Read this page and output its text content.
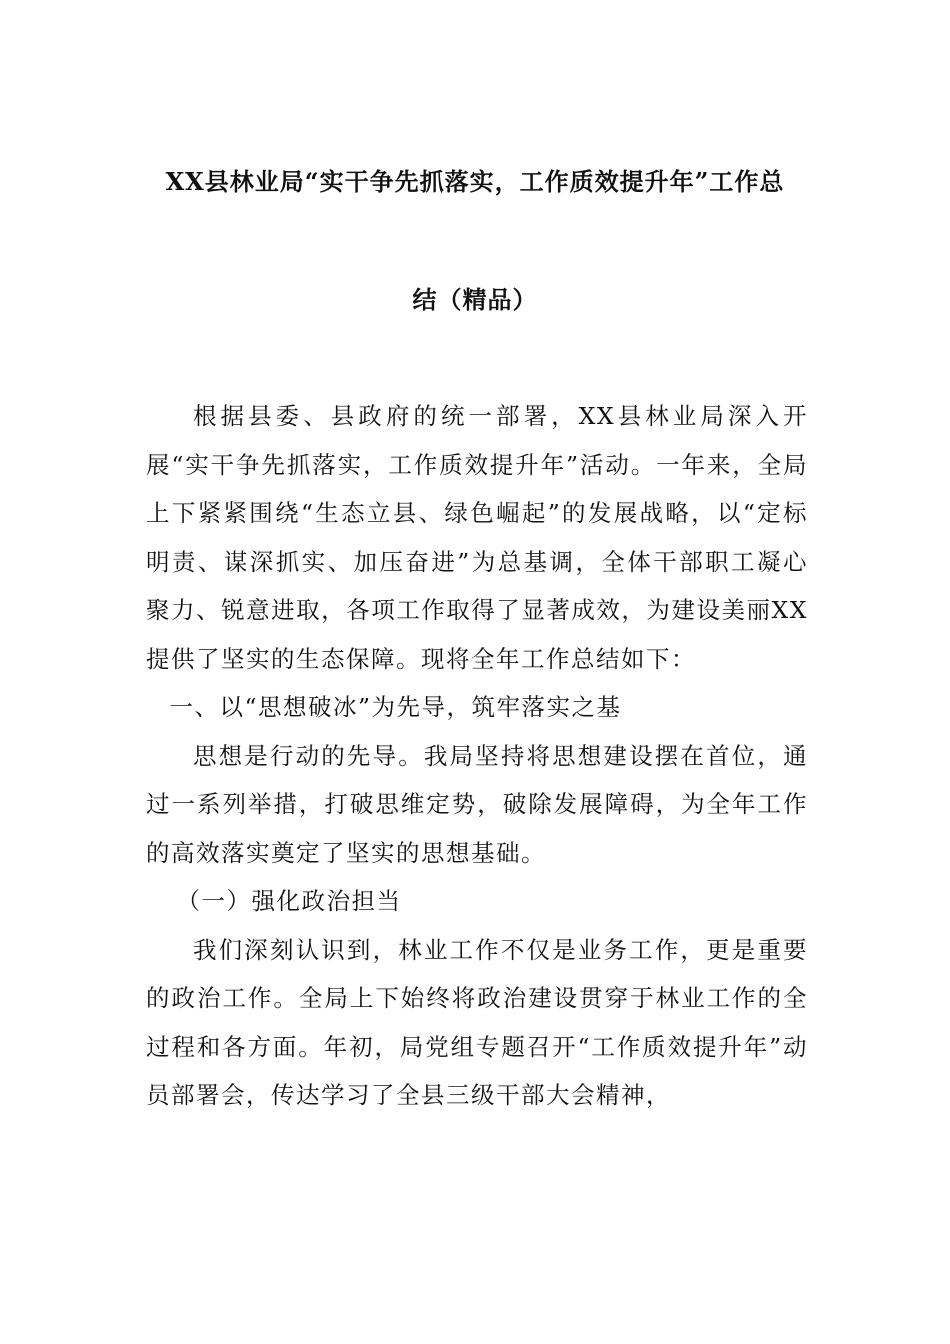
XX县林业局“实干争先抓落实，工作质效提升年”工作总
结（精品）

根据县委、县政府的统一部署，XX县林业局深入开展“实干争先抓落实，工作质效提升年”活动。一年来，全局上下紧紧围绕“生态立县、绿色崛起”的发展战略，以“定标明责、谋深抓实、加压奋进”为总基调，全体干部职工凝心聚力、锐意进取，各项工作取得了显著成效，为建设美丽XX提供了坚实的生态保障。现将全年工作总结如下：

一、以“思想破冰”为先导，筑牢落实之基

思想是行动的先导。我局坚持将思想建设摆在首位，通过一系列举措，打破思维定势，破除发展障碍，为全年工作的高效落实奠定了坚实的思想基础。

（一）强化政治担当

我们深刻认识到，林业工作不仅是业务工作，更是重要的政治工作。全局上下始终将政治建设贯穿于林业工作的全过程和各方面。年初，局党组专题召开“工作质效提升年”动员部署会，传达学习了全县三级干部大会精神，
